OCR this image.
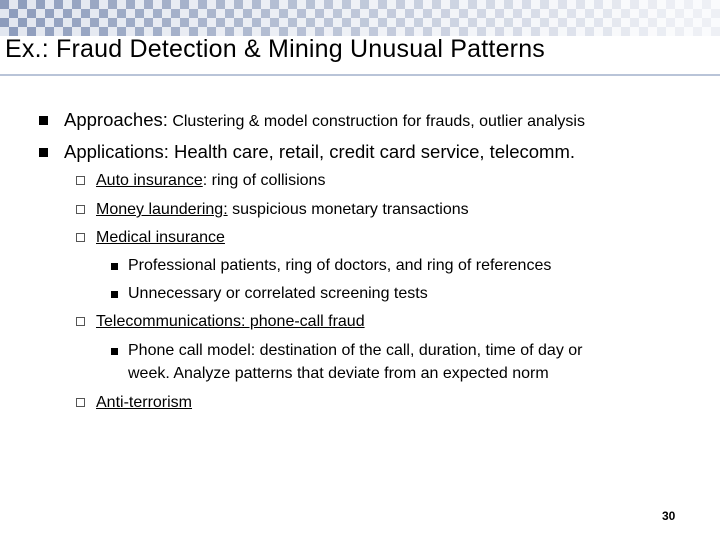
Ex.: Fraud Detection & Mining Unusual Patterns
Approaches: Clustering & model construction for frauds, outlier analysis
Applications: Health care, retail, credit card service, telecomm.
Auto insurance: ring of collisions
Money laundering: suspicious monetary transactions
Medical insurance
Professional patients, ring of doctors, and ring of references
Unnecessary or correlated screening tests
Telecommunications: phone-call fraud
Phone call model: destination of the call, duration, time of day or
week. Analyze patterns that deviate from an expected norm
Anti-terrorism
30
